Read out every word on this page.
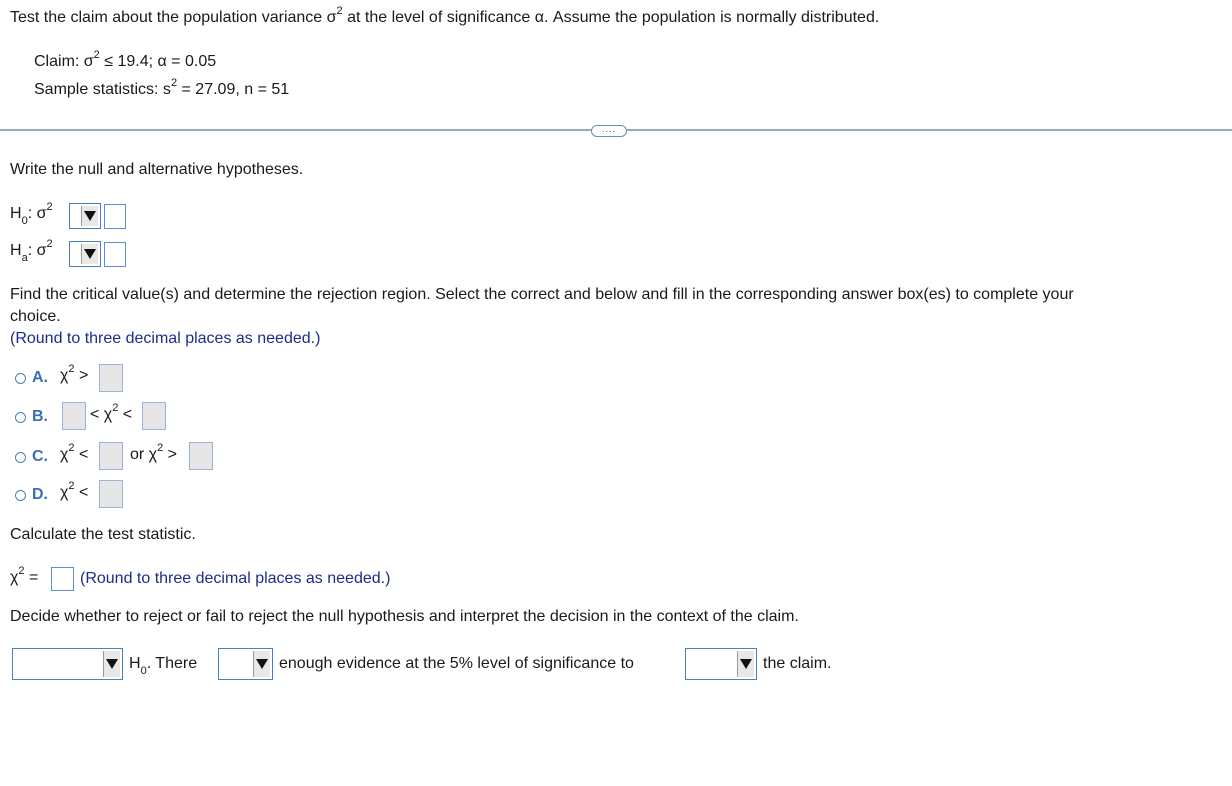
Test the claim about the population variance $\sigma^2$ at the level of significance α. Assume the population is normally distributed.
Claim: $\sigma^2 \le 19.4$; α = 0.05
Sample statistics: $s^2 = 27.09$, n = 51
....
Write the null and alternative hypotheses.
$H_0$: $\sigma^2$
$H_a$: $\sigma^2$
Find the critical value(s) and determine the rejection region. Select the correct and below and fill in the corresponding answer box(es) to complete your
choice.
(Round to three decimal places as needed.)
A. $\chi^2$ >
B.	< $\chi^2$ <
C. $\chi^2$ <	or $\chi^2$ >
D. $\chi^2$ <
Calculate the test statistic.
$\chi^2$ =	(Round to three decimal places as needed.)
Decide whether to reject or fail to reject the null hypothesis and interpret the decision in the context of the claim.
$H_0$. There	enough evidence at the 5% level of significance to	the claim.
